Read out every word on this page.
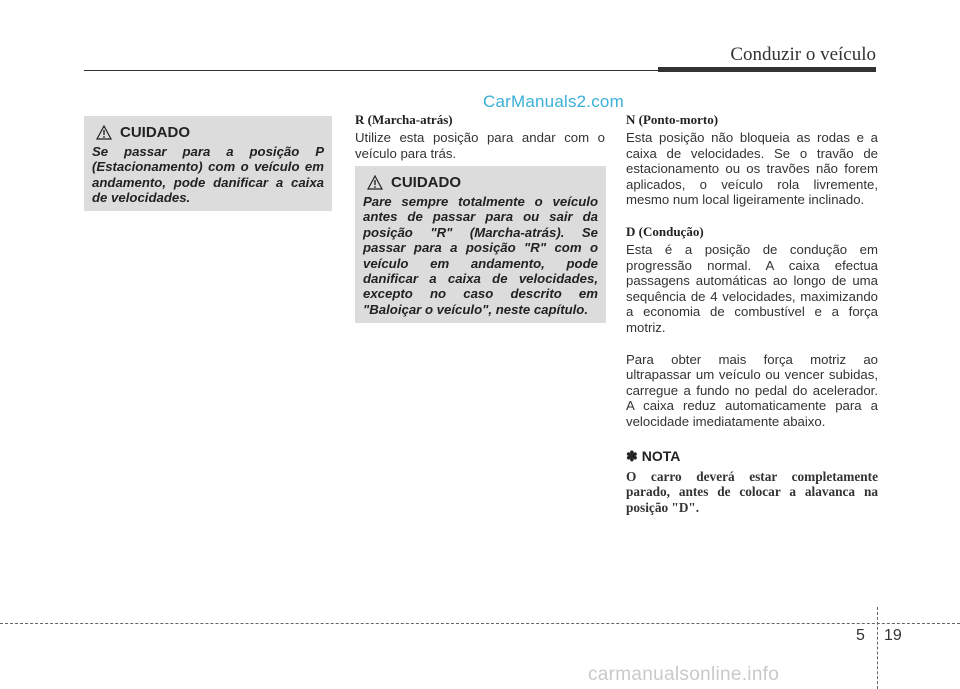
Conduzir o veículo
CarManuals2.com
CUIDADO
Se passar para a posição P (Estacionamento) com o veículo em andamento, pode danificar a caixa de velocidades.
R (Marcha-atrás)

Utilize esta posição para andar com o veículo para trás.

CUIDADO
Pare sempre totalmente o veículo antes de passar para ou sair da posição "R" (Marcha-atrás). Se passar para a posição "R" com o veículo em andamento, pode danificar a caixa de velocidades, excepto no caso descrito em "Baloiçar o veículo", neste capítulo.
N (Ponto-morto)

Esta posição não bloqueia as rodas e a caixa de velocidades. Se o travão de estacionamento ou os travões não forem aplicados, o veículo rola livremente, mesmo num local ligeiramente inclinado.

D (Condução)

Esta é a posição de condução em progressão normal. A caixa efectua passagens automáticas ao longo de uma sequência de 4 velocidades, maximizando a economia de combustível e a força motriz.

Para obter mais força motriz ao ultrapassar um veículo ou vencer subidas, carregue a fundo no pedal do acelerador. A caixa reduz automaticamente para a velocidade imediatamente abaixo.

✽ NOTA

O carro deverá estar completamente parado, antes de colocar a alavanca na posição "D".

5 19
carmanualsonline.info
